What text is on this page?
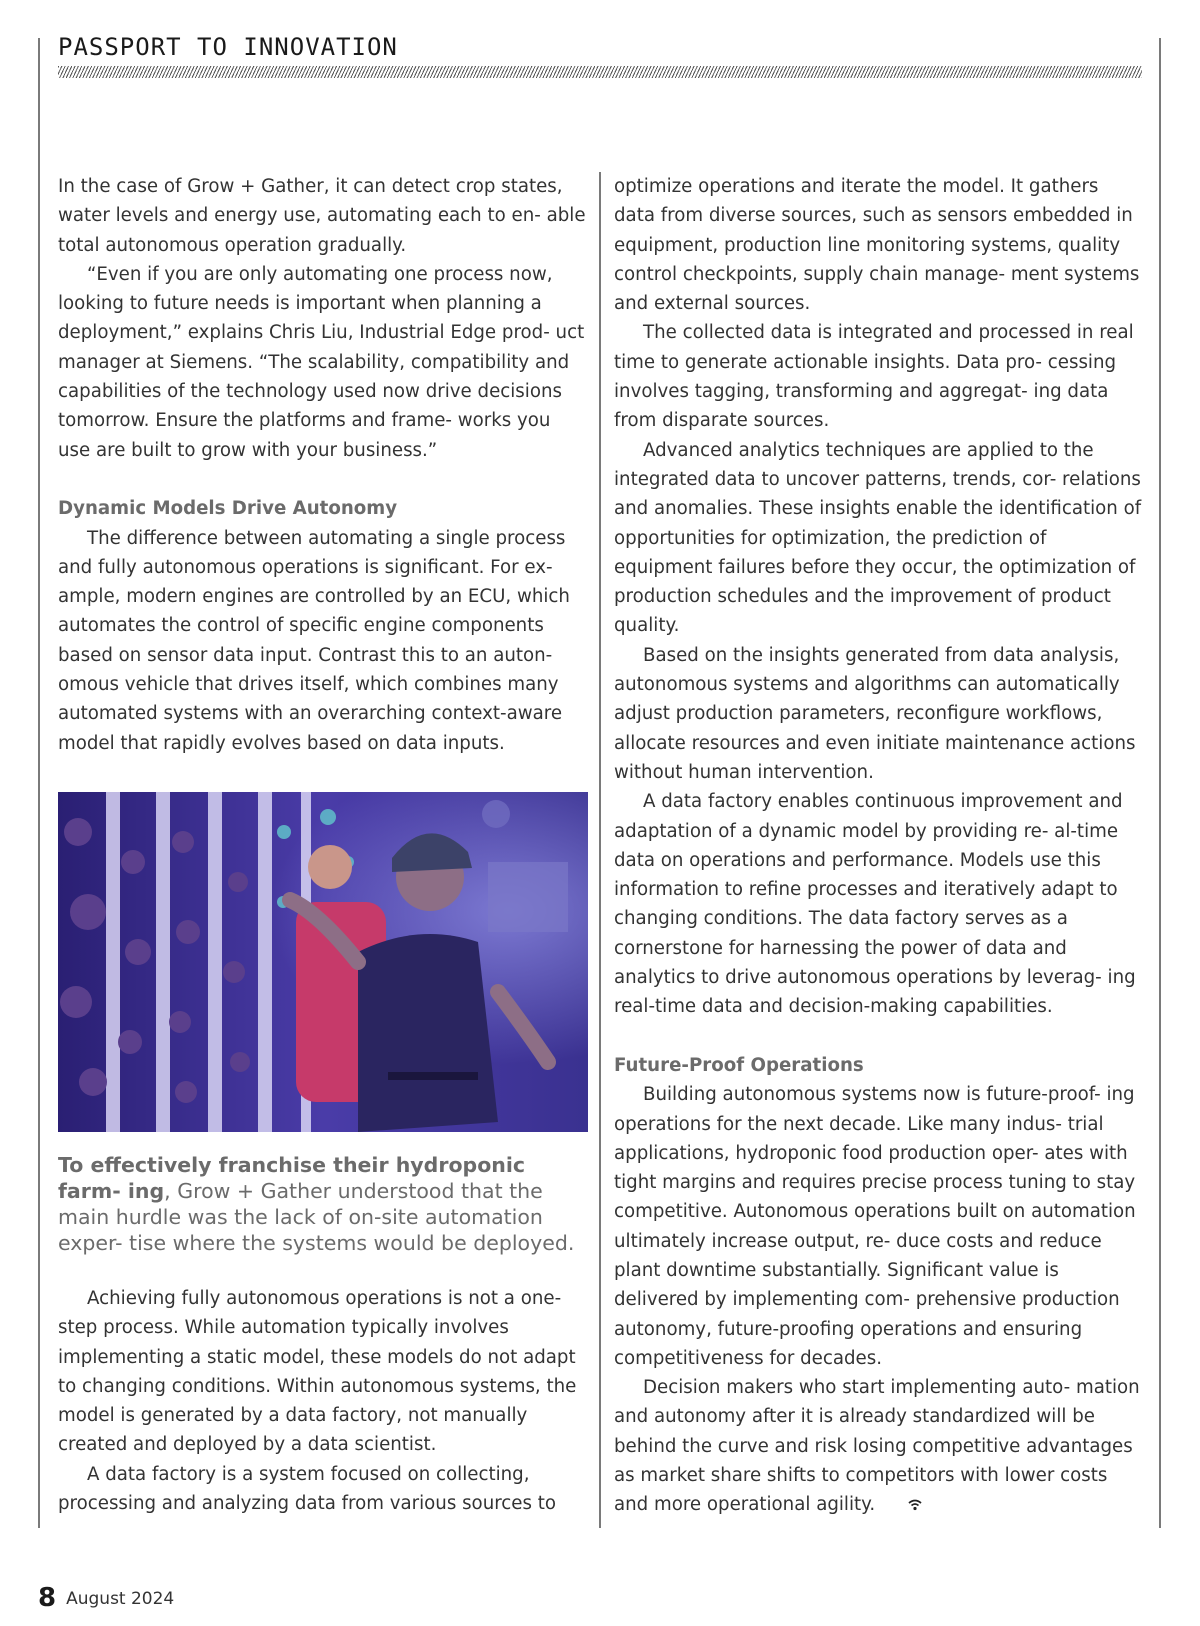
PASSPORT TO INNOVATION

In the case of Grow + Gather, it can detect crop states, water levels and energy use, automating each to en- able total autonomous operation gradually.

“Even if you are only automating one process now, looking to future needs is important when planning a deployment,” explains Chris Liu, Industrial Edge prod- uct manager at Siemens. “The scalability, compatibility and capabilities of the technology used now drive decisions tomorrow. Ensure the platforms and frame- works you use are built to grow with your business.”

Dynamic Models Drive Autonomy

The difference between automating a single process and fully autonomous operations is significant. For ex- ample, modern engines are controlled by an ECU, which automates the control of specific engine components based on sensor data input. Contrast this to an auton- omous vehicle that drives itself, which combines many automated systems with an overarching context-aware model that rapidly evolves based on data inputs.

To effectively franchise their hydroponic farm- ing, Grow + Gather understood that the main hurdle was the lack of on-site automation exper- tise where the systems would be deployed.

Achieving fully autonomous operations is not a one-step process. While automation typically involves implementing a static model, these models do not adapt to changing conditions. Within autonomous systems, the model is generated by a data factory, not manually created and deployed by a data scientist.

A data factory is a system focused on collecting, processing and analyzing data from various sources to

optimize operations and iterate the model. It gathers data from diverse sources, such as sensors embedded in equipment, production line monitoring systems, quality control checkpoints, supply chain manage- ment systems and external sources.

The collected data is integrated and processed in real time to generate actionable insights. Data pro- cessing involves tagging, transforming and aggregat- ing data from disparate sources.

Advanced analytics techniques are applied to the integrated data to uncover patterns, trends, cor- relations and anomalies. These insights enable the identification of opportunities for optimization, the prediction of equipment failures before they occur, the optimization of production schedules and the improvement of product quality.

Based on the insights generated from data analysis, autonomous systems and algorithms can automatically adjust production parameters, reconfigure workflows, allocate resources and even initiate maintenance actions without human intervention.

A data factory enables continuous improvement and adaptation of a dynamic model by providing re- al-time data on operations and performance. Models use this information to refine processes and iteratively adapt to changing conditions. The data factory serves as a cornerstone for harnessing the power of data and analytics to drive autonomous operations by leverag- ing real-time data and decision-making capabilities.

Future-Proof Operations

Building autonomous systems now is future-proof- ing operations for the next decade. Like many indus- trial applications, hydroponic food production oper- ates with tight margins and requires precise process tuning to stay competitive. Autonomous operations built on automation ultimately increase output, re- duce costs and reduce plant downtime substantially. Significant value is delivered by implementing com- prehensive production autonomy, future-proofing operations and ensuring competitiveness for decades.

Decision makers who start implementing auto- mation and autonomy after it is already standardized will be behind the curve and risk losing competitive advantages as market share shifts to competitors with lower costs and more operational agility.

8 August 2024
